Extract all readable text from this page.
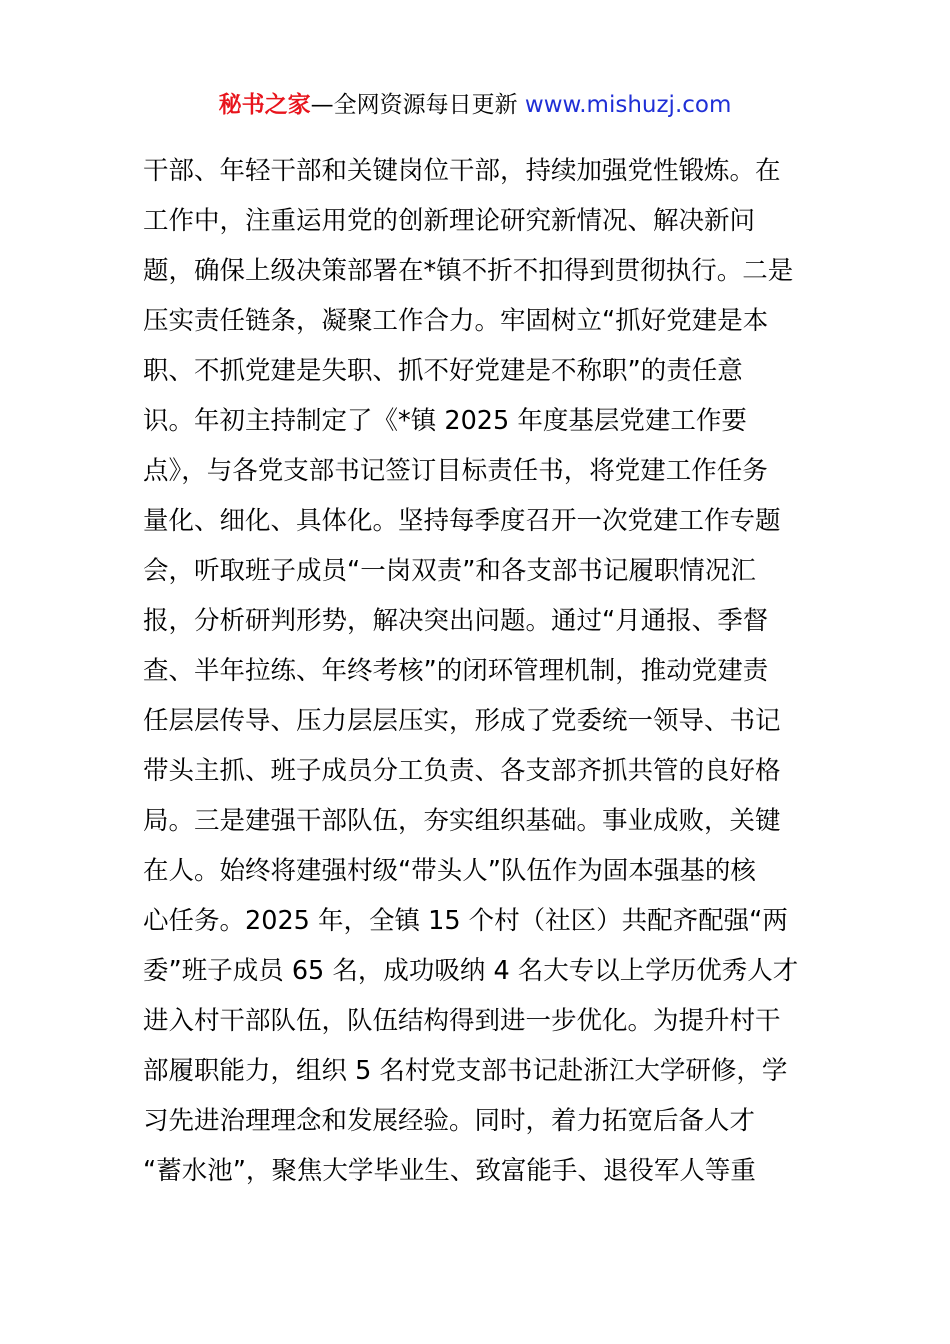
秘书之家—全网资源每日更新 www.mishuzj.com
干部、年轻干部和关键岗位干部，持续加强党性锻炼。在
工作中，注重运用党的创新理论研究新情况、解决新问
题，确保上级决策部署在*镇不折不扣得到贯彻执行。二是
压实责任链条，凝聚工作合力。牢固树立“抓好党建是本
职、不抓党建是失职、抓不好党建是不称职”的责任意
识。年初主持制定了《*镇 2025 年度基层党建工作要
点》，与各党支部书记签订目标责任书，将党建工作任务
量化、细化、具体化。坚持每季度召开一次党建工作专题
会，听取班子成员“一岗双责”和各支部书记履职情况汇
报，分析研判形势，解决突出问题。通过“月通报、季督
查、半年拉练、年终考核”的闭环管理机制，推动党建责
任层层传导、压力层层压实，形成了党委统一领导、书记
带头主抓、班子成员分工负责、各支部齐抓共管的良好格
局。三是建强干部队伍，夯实组织基础。事业成败，关键
在人。始终将建强村级“带头人”队伍作为固本强基的核
心任务。2025 年，全镇 15 个村（社区）共配齐配强“两
委”班子成员 65 名，成功吸纳 4 名大专以上学历优秀人才
进入村干部队伍，队伍结构得到进一步优化。为提升村干
部履职能力，组织 5 名村党支部书记赴浙江大学研修，学
习先进治理理念和发展经验。同时，着力拓宽后备人才
“蓄水池”，聚焦大学毕业生、致富能手、退役军人等重
